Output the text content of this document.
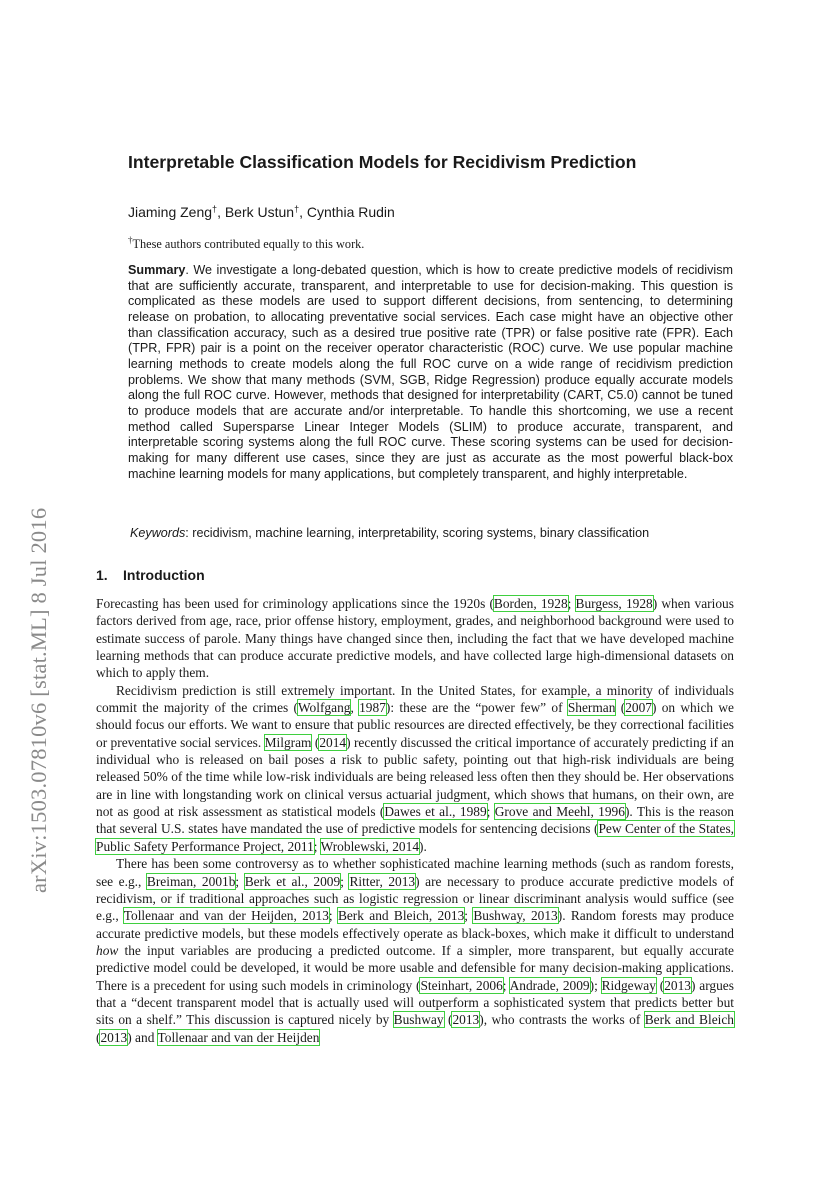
arXiv:1503.07810v6 [stat.ML] 8 Jul 2016
Interpretable Classification Models for Recidivism Prediction
Jiaming Zeng†, Berk Ustun†, Cynthia Rudin
†These authors contributed equally to this work.
Summary. We investigate a long-debated question, which is how to create predictive models of recidivism that are sufficiently accurate, transparent, and interpretable to use for decision-making. This question is complicated as these models are used to support different decisions, from sentencing, to determining release on probation, to allocating preventative social services. Each case might have an objective other than classification accuracy, such as a desired true positive rate (TPR) or false positive rate (FPR). Each (TPR, FPR) pair is a point on the receiver operator characteristic (ROC) curve. We use popular machine learning methods to create models along the full ROC curve on a wide range of recidivism prediction problems. We show that many methods (SVM, SGB, Ridge Regression) produce equally accurate models along the full ROC curve. However, methods that designed for interpretability (CART, C5.0) cannot be tuned to produce models that are accurate and/or interpretable. To handle this shortcoming, we use a recent method called Supersparse Linear Integer Models (SLIM) to produce accurate, transparent, and interpretable scoring systems along the full ROC curve. These scoring systems can be used for decision-making for many different use cases, since they are just as accurate as the most powerful black-box machine learning models for many applications, but completely transparent, and highly interpretable.
Keywords: recidivism, machine learning, interpretability, scoring systems, binary classification
1. Introduction

Forecasting has been used for criminology applications since the 1920s (Borden, 1928; Burgess, 1928) when various factors derived from age, race, prior offense history, employment, grades, and neighborhood background were used to estimate success of parole. Many things have changed since then, including the fact that we have developed machine learning methods that can produce accurate predictive models, and have collected large high-dimensional datasets on which to apply them.

Recidivism prediction is still extremely important. In the United States, for example, a minority of individuals commit the majority of the crimes (Wolfgang, 1987): these are the “power few” of Sherman (2007) on which we should focus our efforts. We want to ensure that public resources are directed effectively, be they correctional facilities or preventative social services. Milgram (2014) recently discussed the critical importance of accurately predicting if an individual who is released on bail poses a risk to public safety, pointing out that high-risk individuals are being released 50% of the time while low-risk individuals are being released less often then they should be. Her observations are in line with longstanding work on clinical versus actuarial judgment, which shows that humans, on their own, are not as good at risk assessment as statistical models (Dawes et al., 1989; Grove and Meehl, 1996). This is the reason that several U.S. states have mandated the use of predictive models for sentencing decisions (Pew Center of the States, Public Safety Performance Project, 2011; Wroblewski, 2014).

There has been some controversy as to whether sophisticated machine learning methods (such as random forests, see e.g., Breiman, 2001b; Berk et al., 2009; Ritter, 2013) are necessary to produce accurate predictive models of recidivism, or if traditional approaches such as logistic regression or linear discriminant analysis would suffice (see e.g., Tollenaar and van der Heijden, 2013; Berk and Bleich, 2013; Bushway, 2013). Random forests may produce accurate predictive models, but these models effectively operate as black-boxes, which make it difficult to understand how the input variables are producing a predicted outcome. If a simpler, more transparent, but equally accurate predictive model could be developed, it would be more usable and defensible for many decision-making applications. There is a precedent for using such models in criminology (Steinhart, 2006; Andrade, 2009); Ridgeway (2013) argues that a “decent transparent model that is actually used will outperform a sophisticated system that predicts better but sits on a shelf.” This discussion is captured nicely by Bushway (2013), who contrasts the works of Berk and Bleich (2013) and Tollenaar and van der Heijden
